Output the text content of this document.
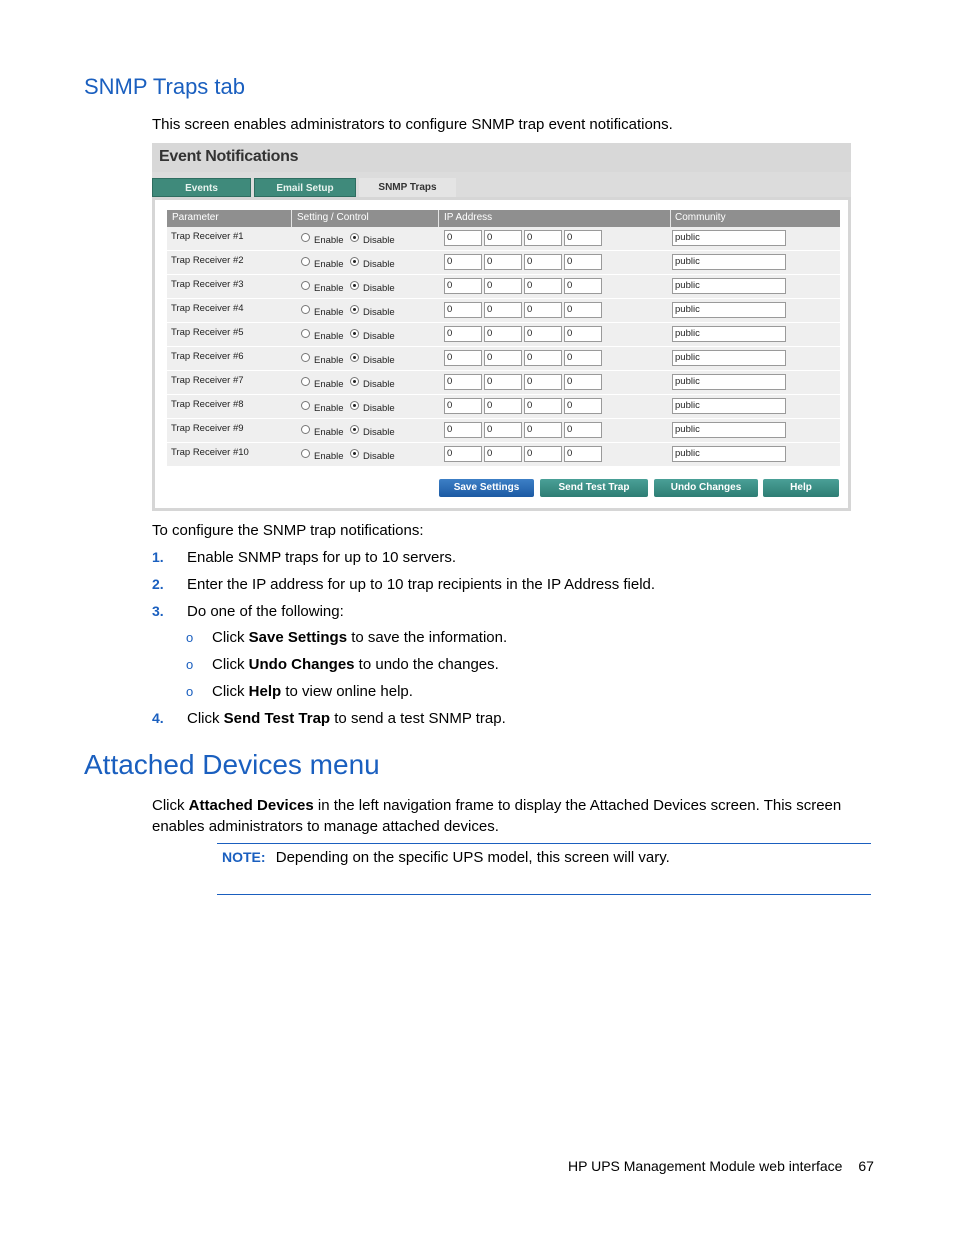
SNMP Traps tab
This screen enables administrators to configure SNMP trap event notifications.
Event Notifications
Events	Email Setup	SNMP Traps
Parameter	Setting / Control	IP Address	Community
Trap Receiver #1	Enable Disable	0	0	0	0	public
Trap Receiver #2	Enable Disable	0	0	0	0	public
Trap Receiver #3	Enable Disable	0	0	0	0	public
Trap Receiver #4	Enable Disable	0	0	0	0	public
Trap Receiver #5	Enable Disable	0	0	0	0	public
Trap Receiver #6	Enable Disable	0	0	0	0	public
Trap Receiver #7	Enable Disable	0	0	0	0	public
Trap Receiver #8	Enable Disable	0	0	0	0	public
Trap Receiver #9	Enable Disable	0	0	0	0	public
Trap Receiver #10	Enable Disable	0	0	0	0	public
Save Settings	Send Test Trap	Undo Changes	Help
To configure the SNMP trap notifications:
1. Enable SNMP traps for up to 10 servers.
2. Enter the IP address for up to 10 trap recipients in the IP Address field.
3. Do one of the following:
o Click Save Settings to save the information.
o Click Undo Changes to undo the changes.
o Click Help to view online help.
4. Click Send Test Trap to send a test SNMP trap.
Attached Devices menu
Click Attached Devices in the left navigation frame to display the Attached Devices screen. This screen
enables administrators to manage attached devices.
NOTE: Depending on the specific UPS model, this screen will vary.
HP UPS Management Module web interface 67
